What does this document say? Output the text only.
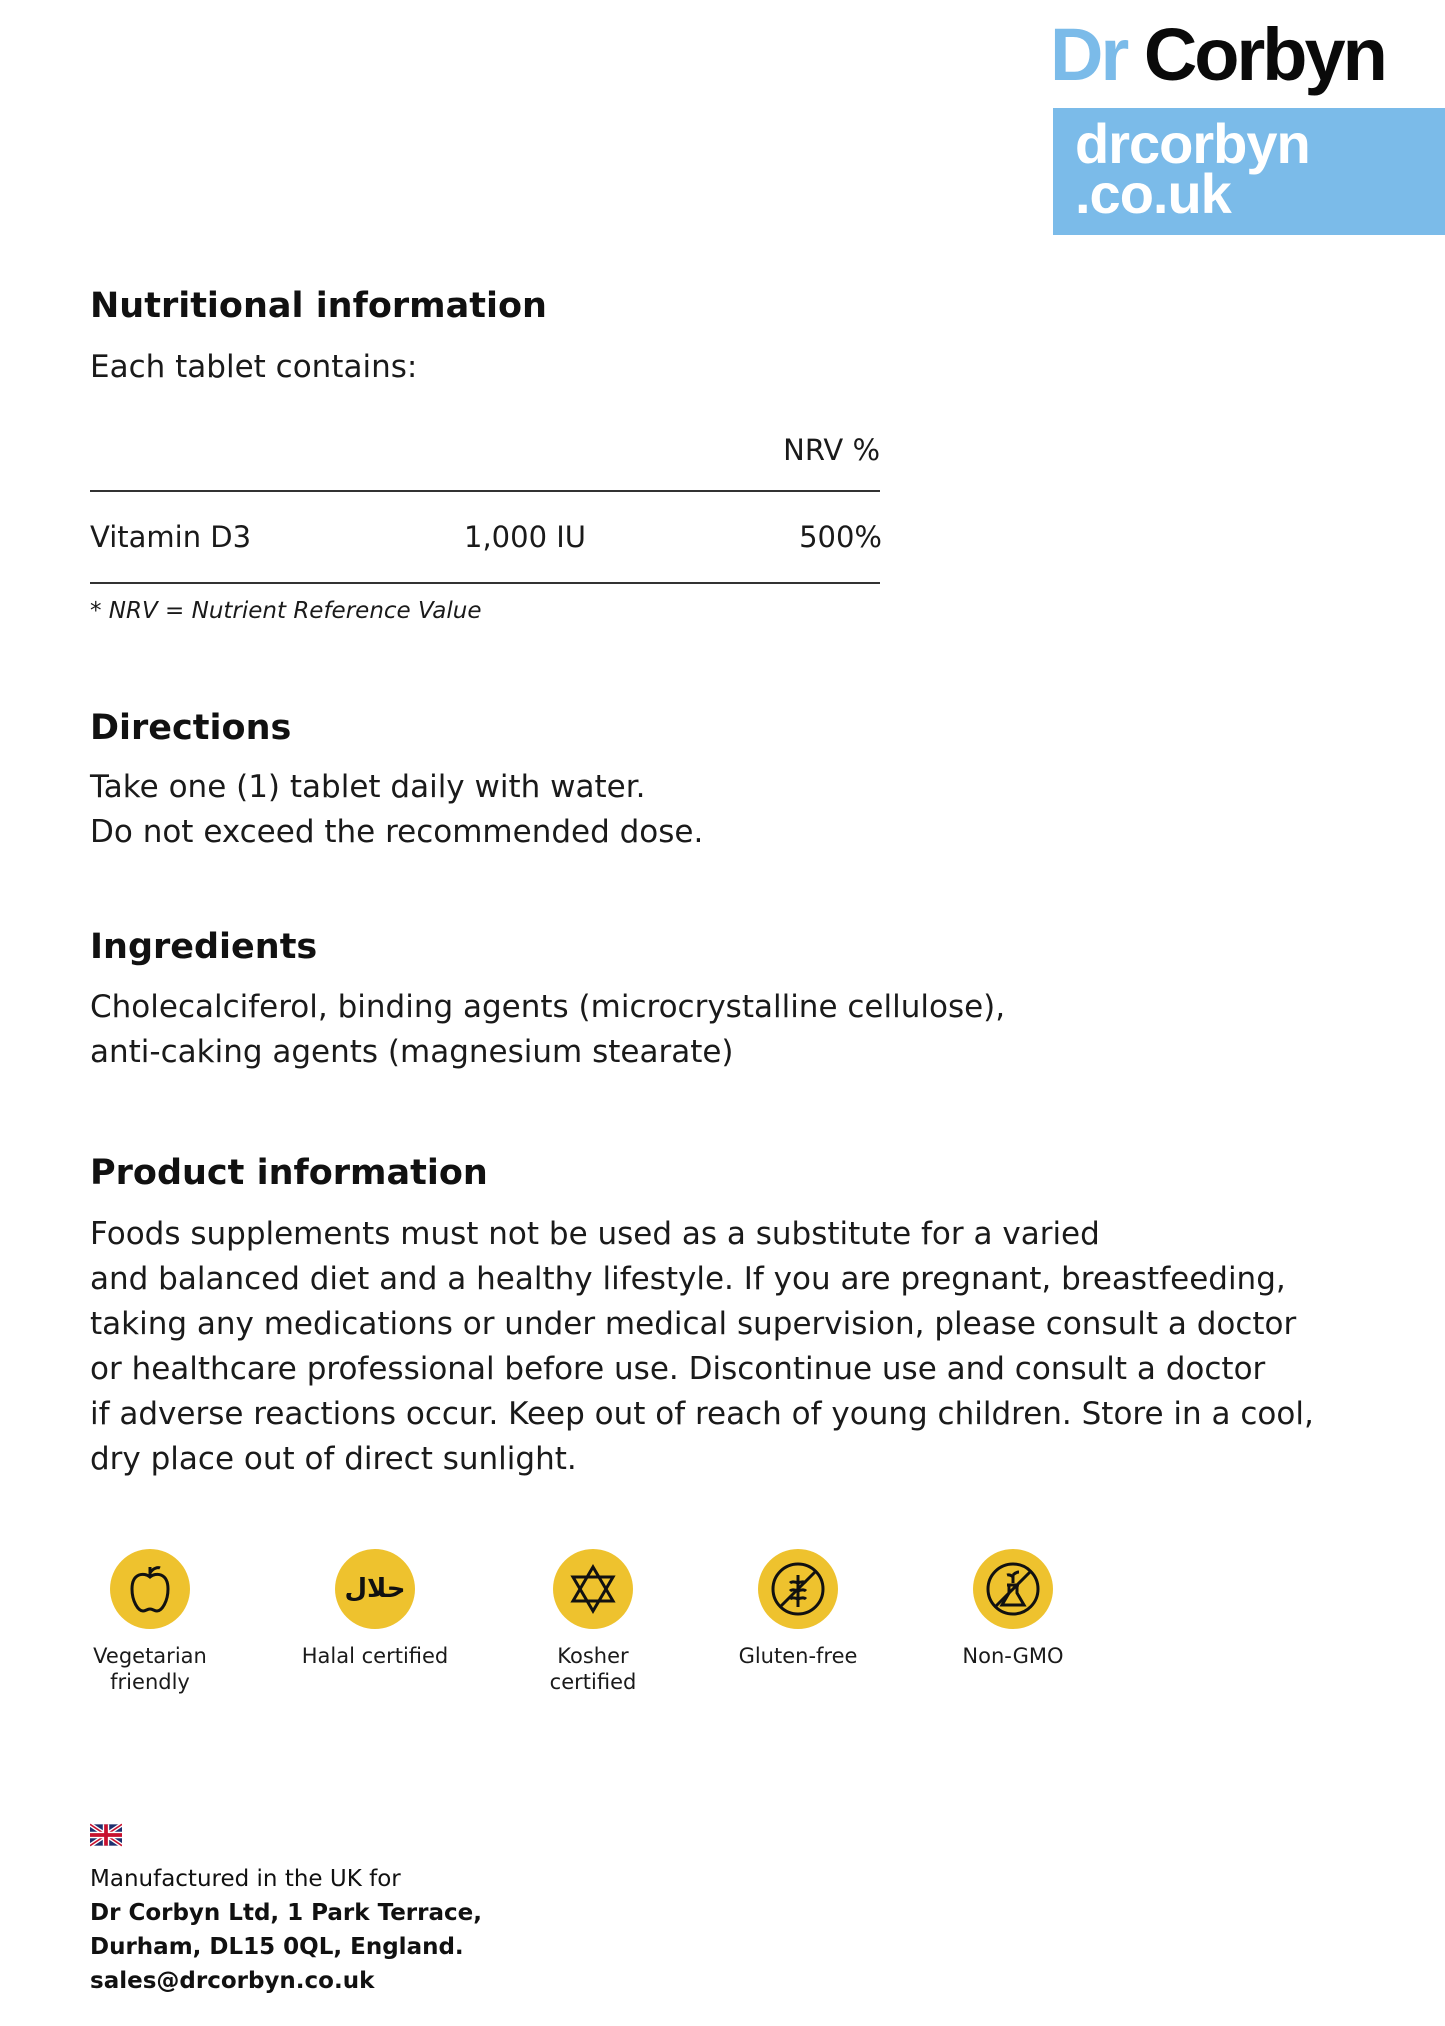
Dr Corbyn
drcorbyn
.co.uk
Nutritional information
Each tablet contains:
NRV %
Vitamin D3	1,000 IU	500%
* NRV = Nutrient Reference Value
Directions
Take one (1) tablet daily with water.
Do not exceed the recommended dose.
Ingredients
Cholecalciferol, binding agents (microcrystalline cellulose),
anti-caking agents (magnesium stearate)
Product information
Foods supplements must not be used as a substitute for a varied
and balanced diet and a healthy lifestyle. If you are pregnant, breastfeeding,
taking any medications or under medical supervision, please consult a doctor
or healthcare professional before use. Discontinue use and consult a doctor
if adverse reactions occur. Keep out of reach of young children. Store in a cool,
dry place out of direct sunlight.
Vegetarian friendly
حلال
Halal certified	Kosher certified
Gluten-free	Non-GMO
Manufactured in the UK for
Dr Corbyn Ltd, 1 Park Terrace,
Durham, DL15 0QL, England.
sales@drcorbyn.co.uk
